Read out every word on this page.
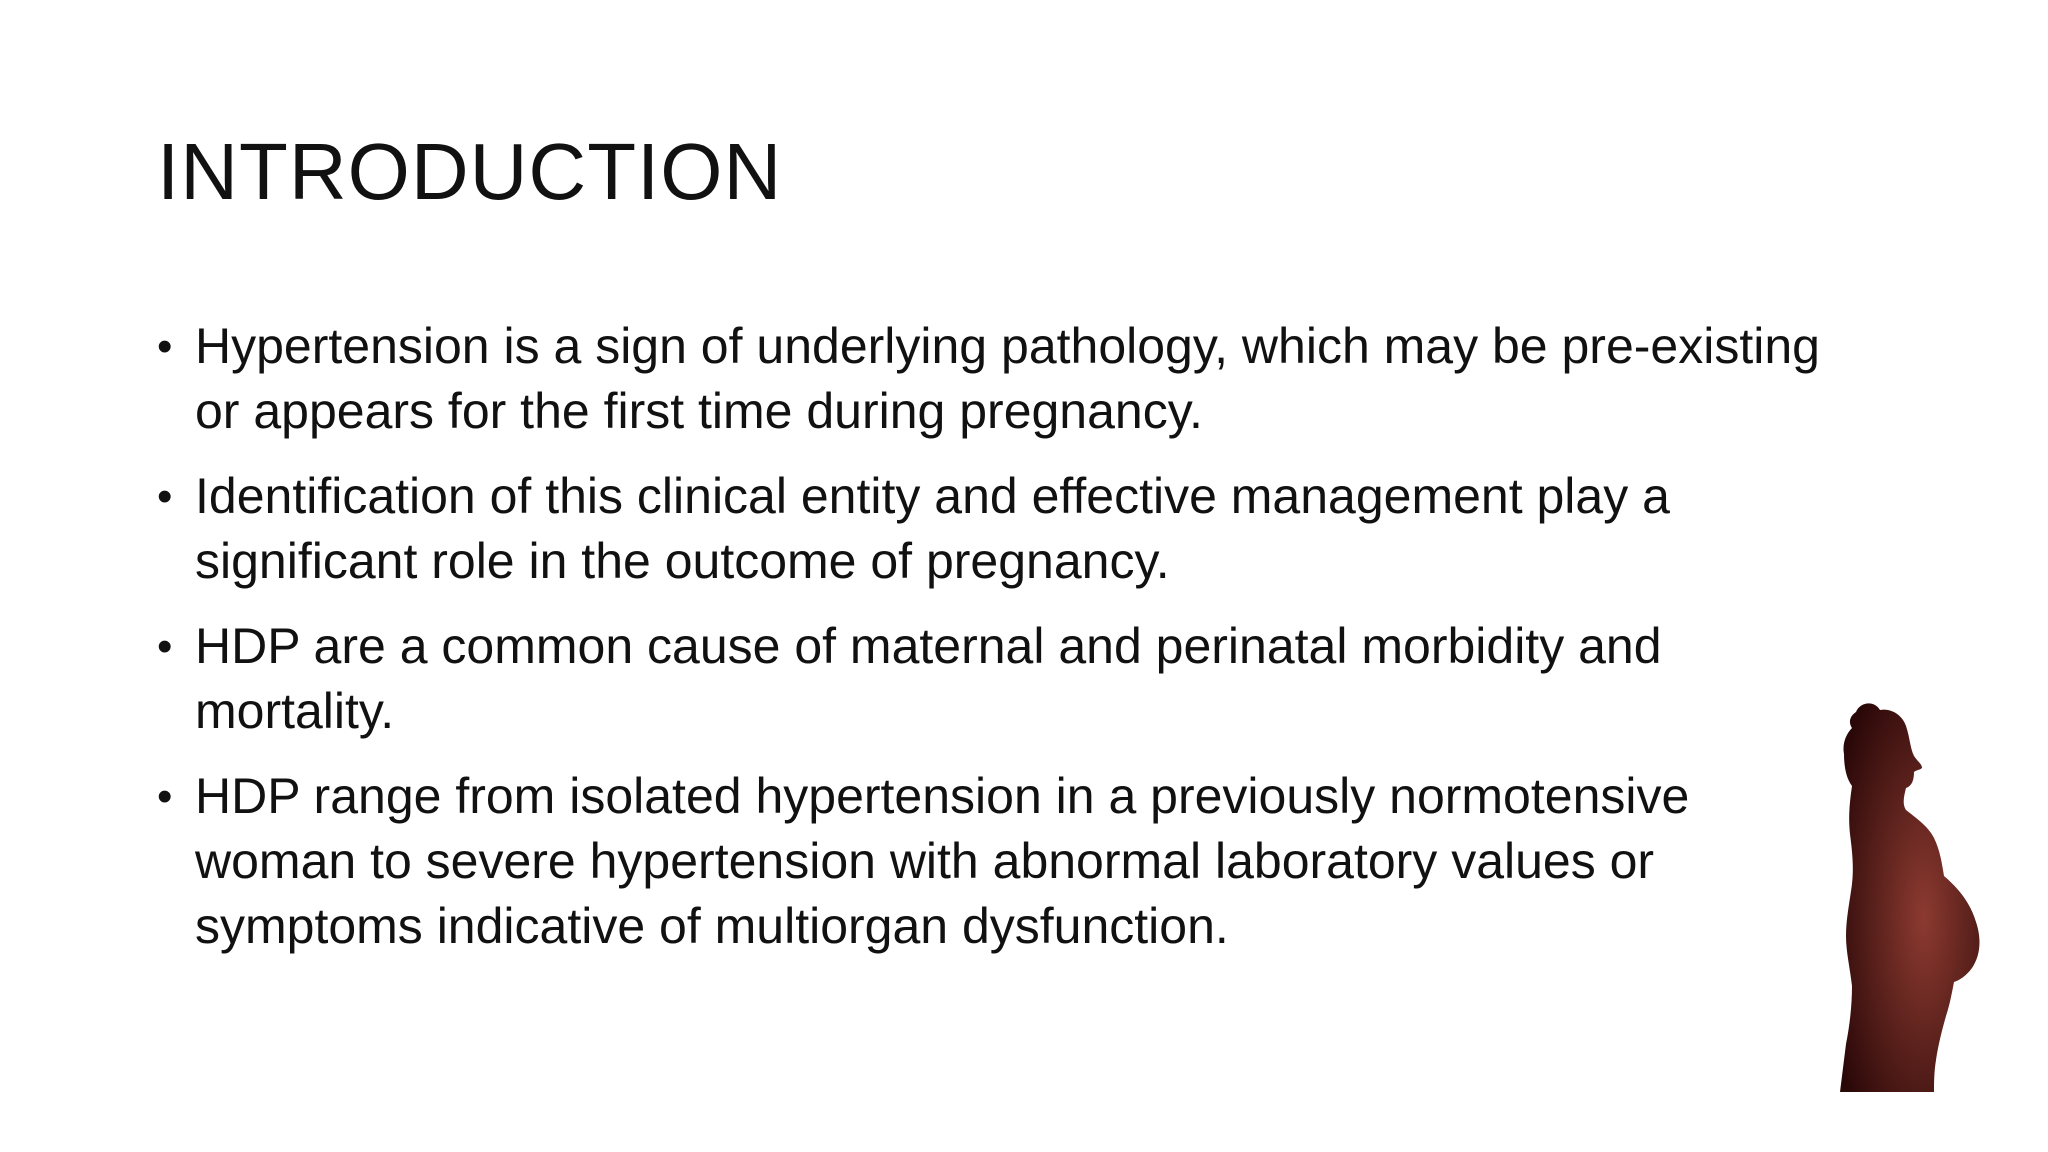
INTRODUCTION
• Hypertension is a sign of underlying pathology, which may be pre-existing or appears for the first time during pregnancy.
• Identification of this clinical entity and effective management play a significant role in the outcome of pregnancy.
• HDP are a common cause of maternal and perinatal morbidity and mortality.
• HDP range from isolated hypertension in a previously normotensive woman to severe hypertension with abnormal laboratory values or symptoms indicative of multiorgan dysfunction.
